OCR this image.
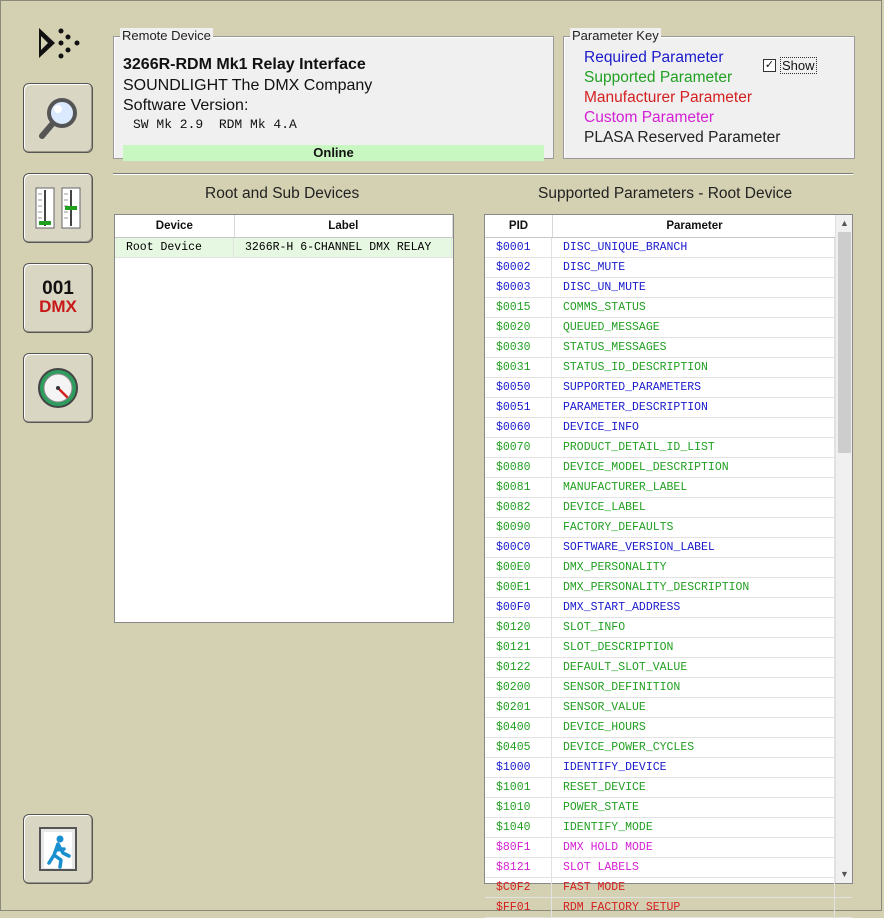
001
DMX
Remote Device
3266R-RDM Mk1 Relay Interface
SOUNDLIGHT The DMX Company
Software Version:
SW Mk 2.9  RDM Mk 4.A
Online
Parameter Key
Required Parameter
Supported Parameter
Manufacturer Parameter
Custom Parameter
PLASA Reserved Parameter
✓ Show
Root and Sub Devices	Supported Parameters - Root Device
Device	Label
Root Device	3266R-H 6-CHANNEL DMX RELAY
PID	Parameter
$0001	DISC_UNIQUE_BRANCH
$0002	DISC_MUTE
$0003	DISC_UN_MUTE
$0015	COMMS_STATUS
$0020	QUEUED_MESSAGE
$0030	STATUS_MESSAGES
$0031	STATUS_ID_DESCRIPTION
$0050	SUPPORTED_PARAMETERS
$0051	PARAMETER_DESCRIPTION
$0060	DEVICE_INFO
$0070	PRODUCT_DETAIL_ID_LIST
$0080	DEVICE_MODEL_DESCRIPTION
$0081	MANUFACTURER_LABEL
$0082	DEVICE_LABEL
$0090	FACTORY_DEFAULTS
$00C0	SOFTWARE_VERSION_LABEL
$00E0	DMX_PERSONALITY
$00E1	DMX_PERSONALITY_DESCRIPTION
$00F0	DMX_START_ADDRESS
$0120	SLOT_INFO
$0121	SLOT_DESCRIPTION
$0122	DEFAULT_SLOT_VALUE
$0200	SENSOR_DEFINITION
$0201	SENSOR_VALUE
$0400	DEVICE_HOURS
$0405	DEVICE_POWER_CYCLES
$1000	IDENTIFY_DEVICE
$1001	RESET_DEVICE
$1010	POWER_STATE
$1040	IDENTIFY_MODE
$80F1	DMX HOLD MODE
$8121	SLOT LABELS
$C0F2	FAST MODE
$FF01	RDM FACTORY SETUP
▲
▼
